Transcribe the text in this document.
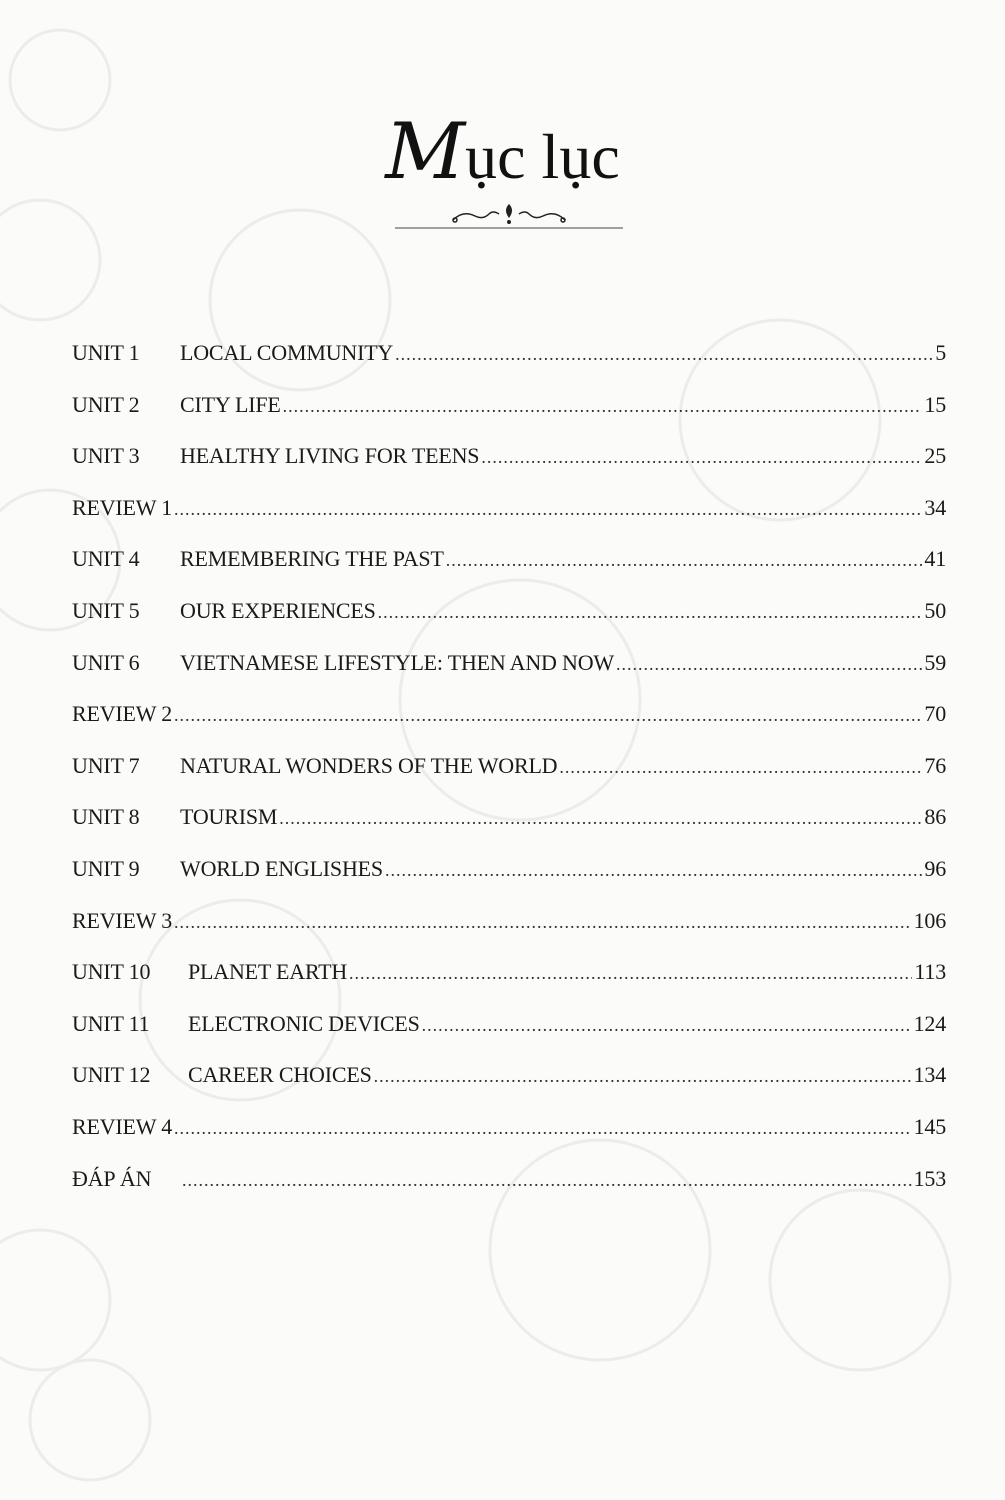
Mục lục
UNIT 1	LOCAL COMMUNITY .....	5
UNIT 2	CITY LIFE .....	15
UNIT 3	HEALTHY LIVING FOR TEENS .....	25
REVIEW 1 .....	34
UNIT 4	REMEMBERING THE PAST .....	41
UNIT 5	OUR EXPERIENCES .....	50
UNIT 6	VIETNAMESE LIFESTYLE: THEN AND NOW .....	59
REVIEW 2 .....	70
UNIT 7	NATURAL WONDERS OF THE WORLD .....	76
UNIT 8	TOURISM .....	86
UNIT 9	WORLD ENGLISHES .....	96
REVIEW 3 .....	106
UNIT 10	PLANET EARTH .....	113
UNIT 11	ELECTRONIC DEVICES .....	124
UNIT 12	CAREER CHOICES .....	134
REVIEW 4 .....	145
ĐÁP ÁN .....	153
